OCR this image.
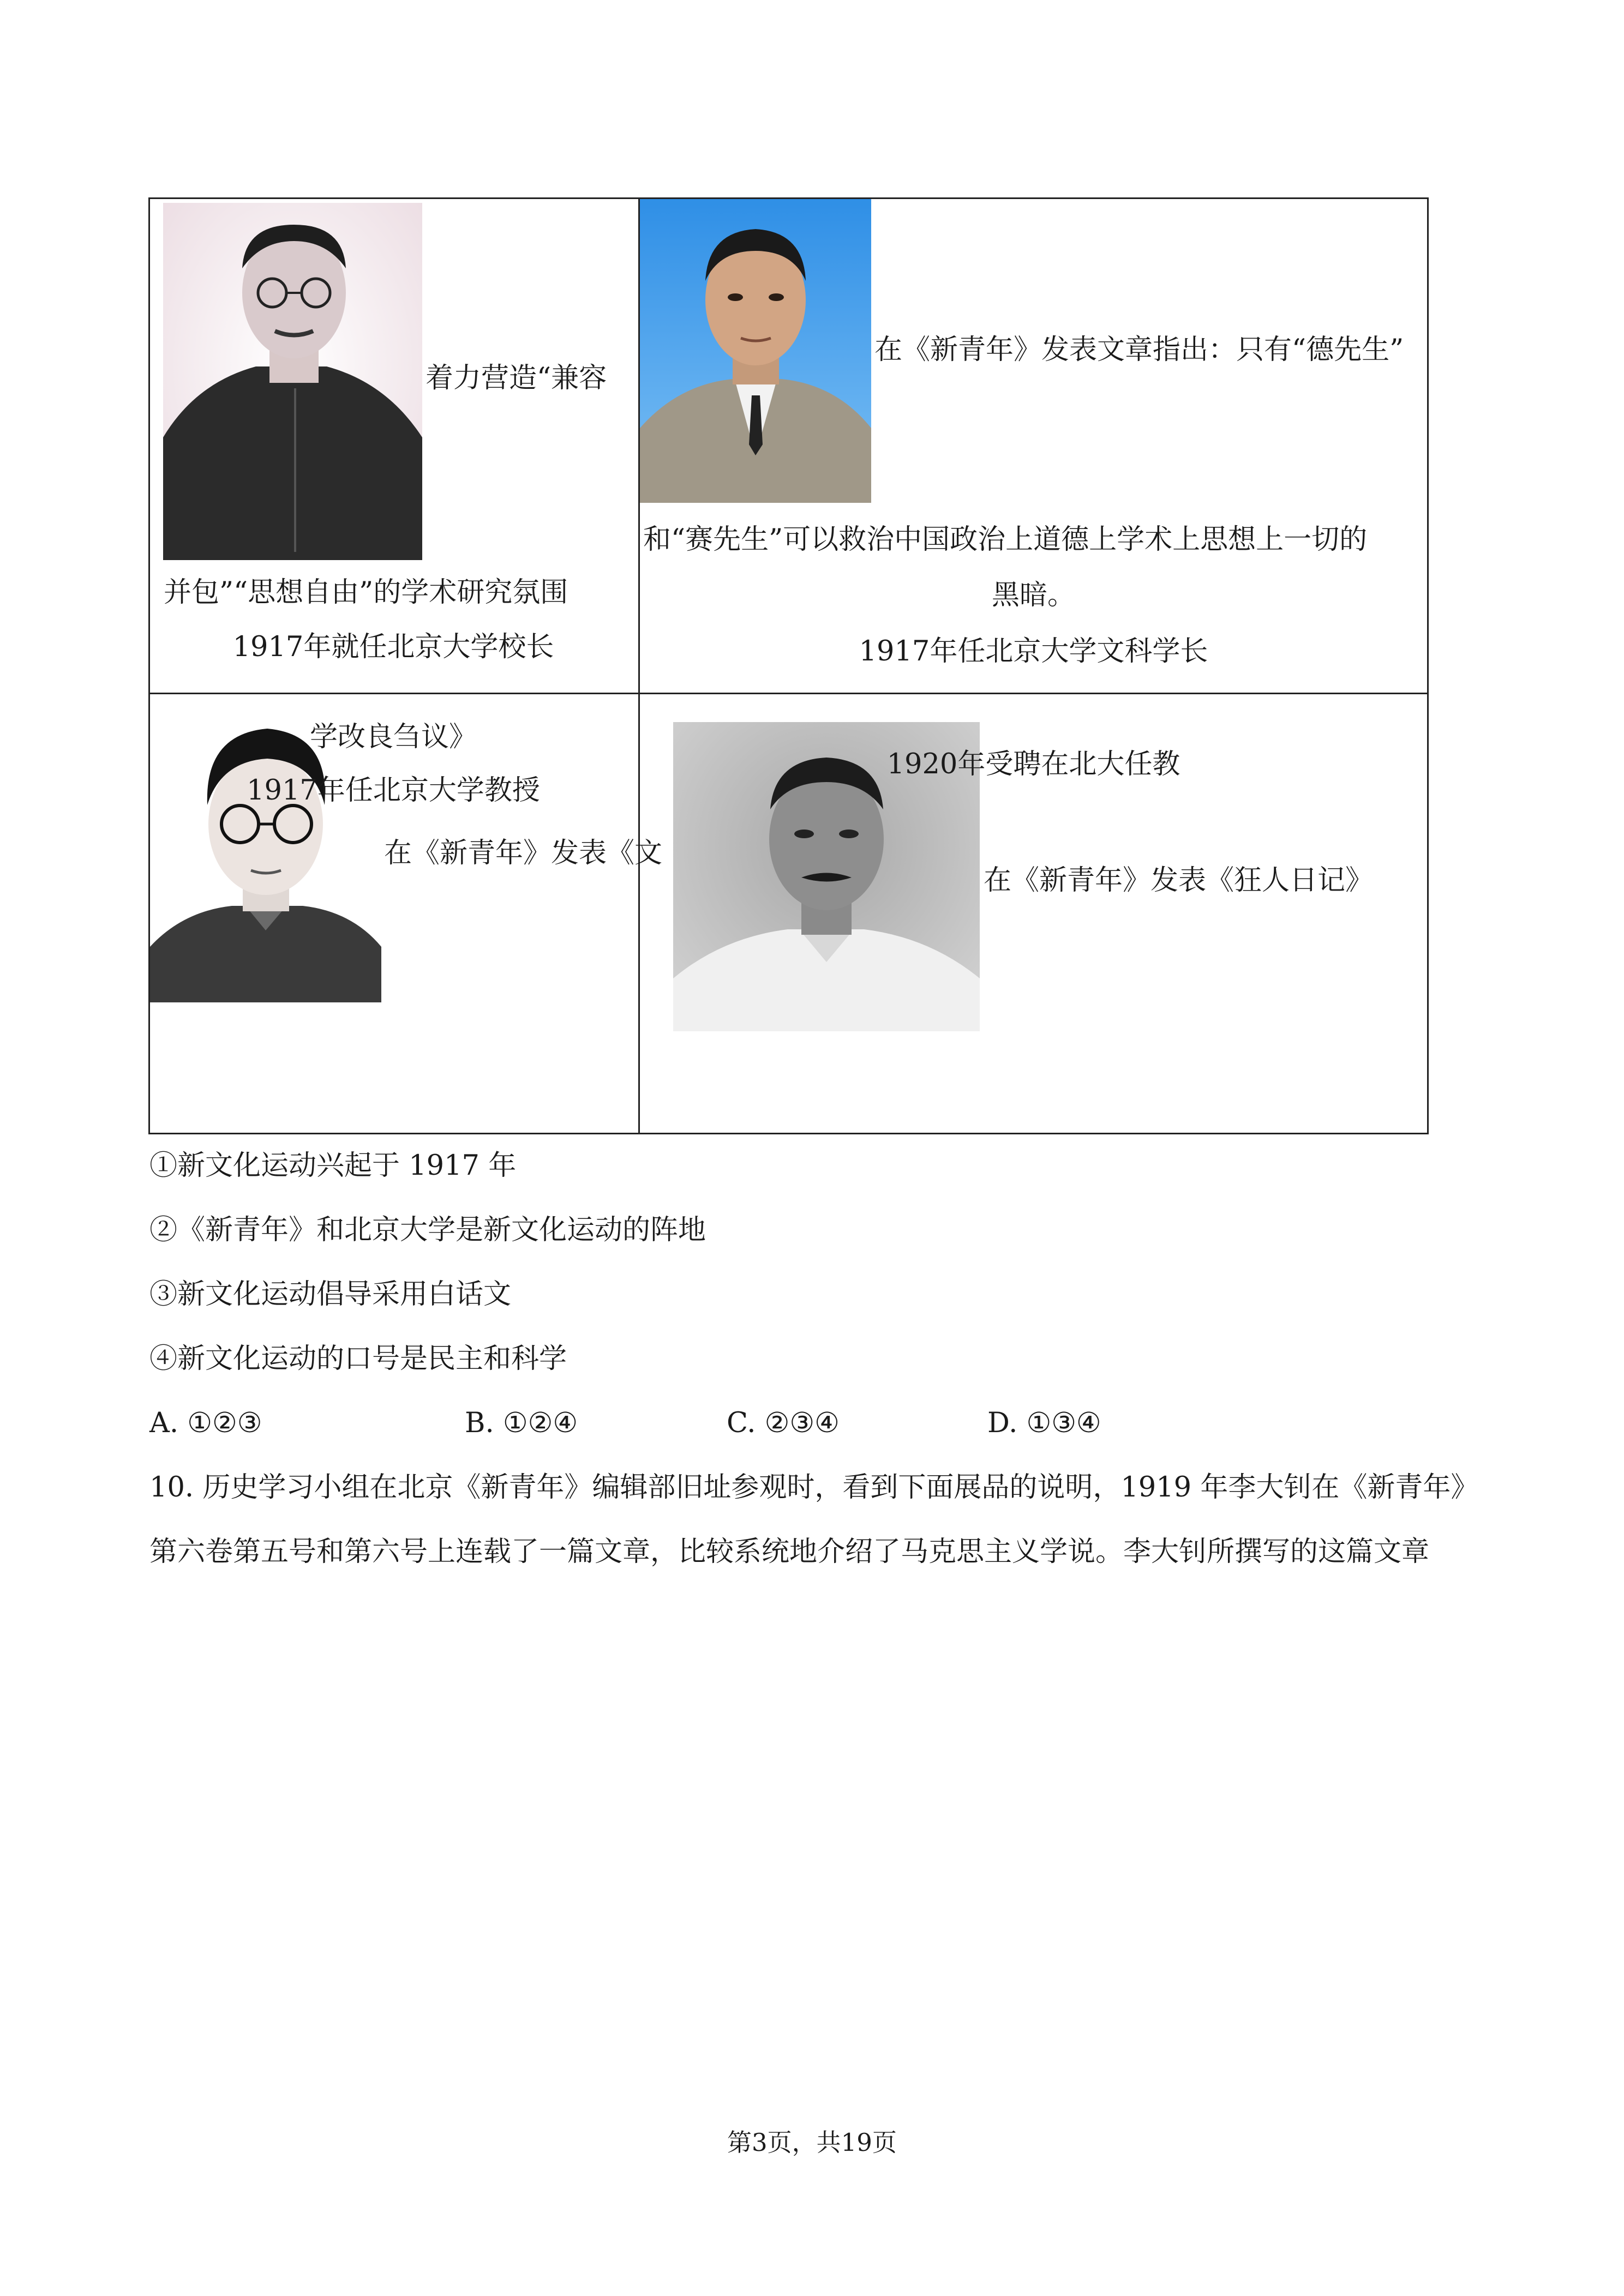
着力营造“兼容
并包”“思想自由”的学术研究氛围
1917年就任北京大学校长
在《新青年》发表文章指出：只有“德先生”
和“赛先生”可以救治中国政治上道德上学术上思想上一切的
黑暗。
1917年任北京大学文科学长
在《新青年》发表《文
学改良刍议》
1917年任北京大学教授
在《新青年》发表《狂人日记》
1920年受聘在北大任教
①新文化运动兴起于 1917 年
②《新青年》和北京大学是新文化运动的阵地
③新文化运动倡导采用白话文
④新文化运动的口号是民主和科学
A. ①②③	B. ①②④	C. ②③④	D. ①③④
10. 历史学习小组在北京《新青年》编辑部旧址参观时，看到下面展品的说明，1919 年李大钊在《新青年》
第六卷第五号和第六号上连载了一篇文章，比较系统地介绍了马克思主义学说。李大钊所撰写的这篇文章
第3页，共19页
